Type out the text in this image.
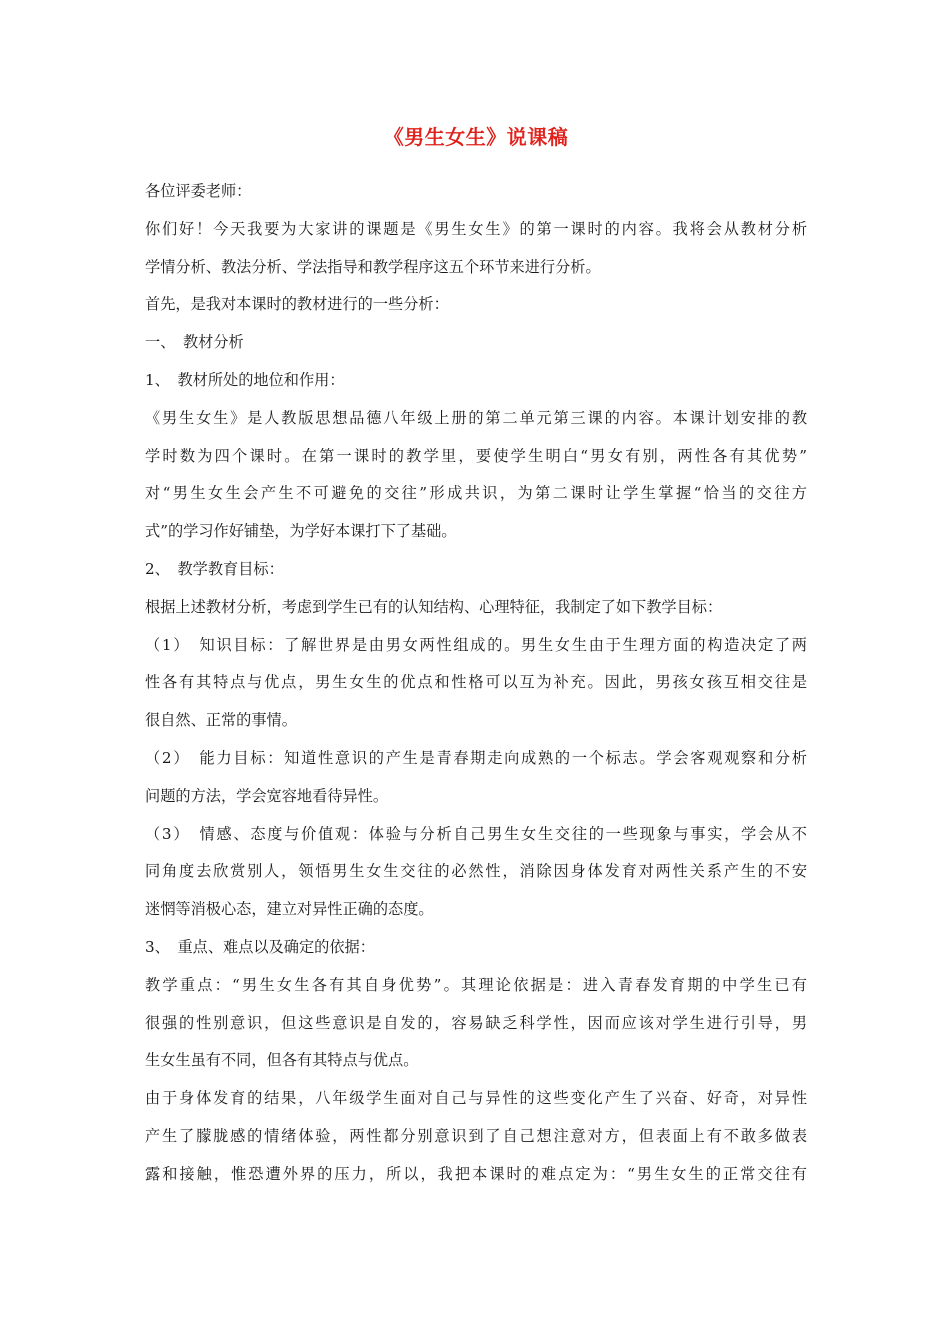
《男生女生》说课稿
各位评委老师：
你们好！今天我要为大家讲的课题是《男生女生》的第一课时的内容。我将会从教材分析
学情分析、教法分析、学法指导和教学程序这五个环节来进行分析。
首先，是我对本课时的教材进行的一些分析：
一、　教材分析
1、　教材所处的地位和作用：
《男生女生》是人教版思想品德八年级上册的第二单元第三课的内容。本课计划安排的教
学时数为四个课时。在第一课时的教学里，要使学生明白“男女有别，两性各有其优势”
对“男生女生会产生不可避免的交往”形成共识，为第二课时让学生掌握“恰当的交往方
式”的学习作好铺垫，为学好本课打下了基础。
2、　教学教育目标：
根据上述教材分析，考虑到学生已有的认知结构、心理特征，我制定了如下教学目标：
（1）　知识目标：了解世界是由男女两性组成的。男生女生由于生理方面的构造决定了两
性各有其特点与优点，男生女生的优点和性格可以互为补充。因此，男孩女孩互相交往是
很自然、正常的事情。
（2）　能力目标：知道性意识的产生是青春期走向成熟的一个标志。学会客观观察和分析
问题的方法，学会宽容地看待异性。
（3）　情感、态度与价值观：体验与分析自己男生女生交往的一些现象与事实，学会从不
同角度去欣赏别人，领悟男生女生交往的必然性，消除因身体发育对两性关系产生的不安
迷惘等消极心态，建立对异性正确的态度。
3、　重点、难点以及确定的依据：
教学重点：“男生女生各有其自身优势”。其理论依据是：进入青春发育期的中学生已有
很强的性别意识，但这些意识是自发的，容易缺乏科学性，因而应该对学生进行引导，男
生女生虽有不同，但各有其特点与优点。
由于身体发育的结果，八年级学生面对自己与异性的这些变化产生了兴奋、好奇，对异性
产生了朦胧感的情绪体验，两性都分别意识到了自己想注意对方，但表面上有不敢多做表
露和接触，惟恐遭外界的压力，所以，我把本课时的难点定为：“男生女生的正常交往有
